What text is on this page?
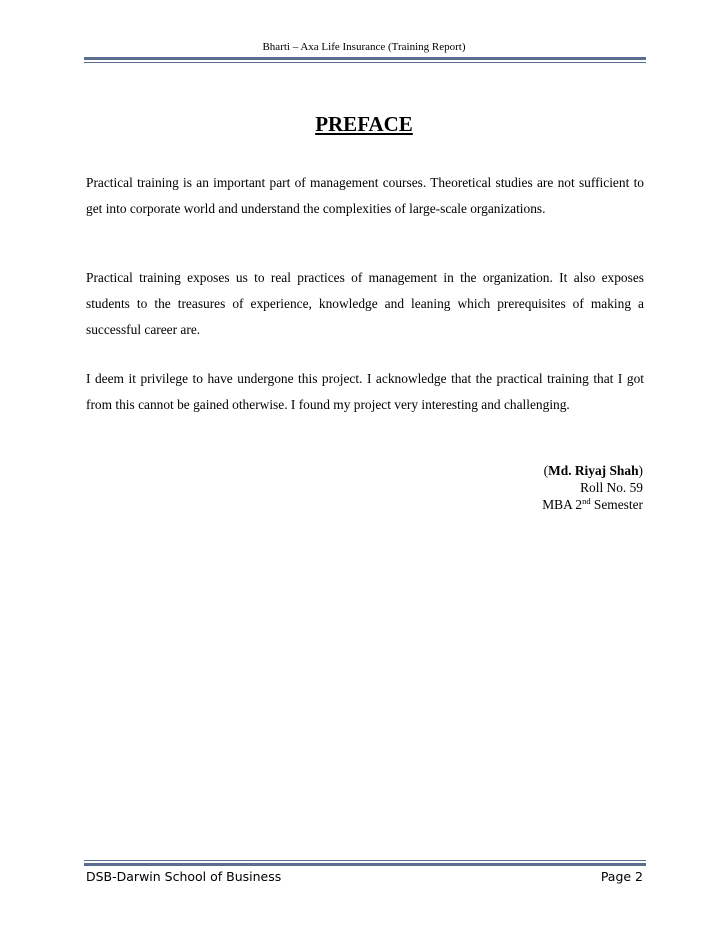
Bharti – Axa Life Insurance (Training Report)
PREFACE

Practical training is an important part of management courses. Theoretical studies are not sufficient to get into corporate world and understand the complexities of large-scale organizations.

Practical training exposes us to real practices of management in the organization. It also exposes students to the treasures of experience, knowledge and leaning which prerequisites of making a successful career are.

I deem it privilege to have undergone this project. I acknowledge that the practical training that I got from this cannot be gained otherwise. I found my project very interesting and challenging.

(Md. Riyaj Shah)
Roll No. 59
MBA 2nd Semester
DSB-Darwin School of Business	Page 2
